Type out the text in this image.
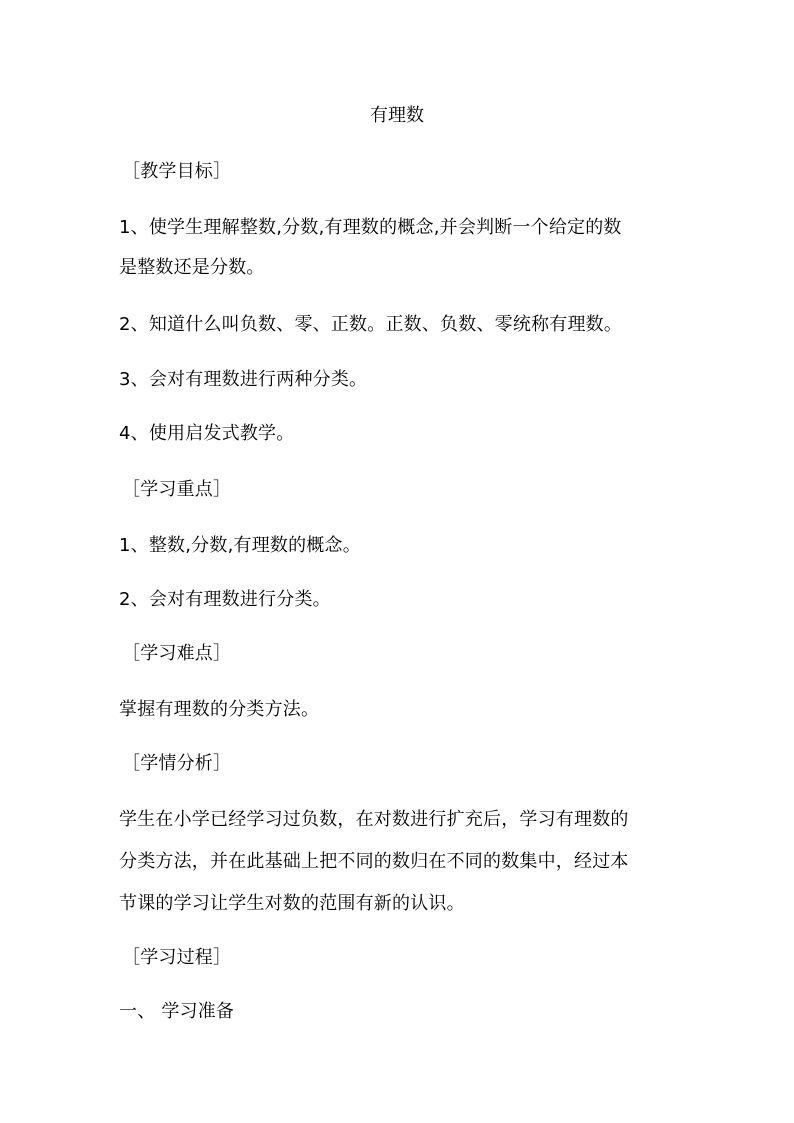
有理数
［教学目标］
1、使学生理解整数,分数,有理数的概念,并会判断一个给定的数
是整数还是分数。
2、知道什么叫负数、零、正数。正数、负数、零统称有理数。
3、会对有理数进行两种分类。
4、使用启发式教学。
［学习重点］
1、整数,分数,有理数的概念。
2、会对有理数进行分类。
［学习难点］
掌握有理数的分类方法。
［学情分析］
学生在小学已经学习过负数，在对数进行扩充后，学习有理数的
分类方法，并在此基础上把不同的数归在不同的数集中，经过本
节课的学习让学生对数的范围有新的认识。
［学习过程］
一、 学习准备
